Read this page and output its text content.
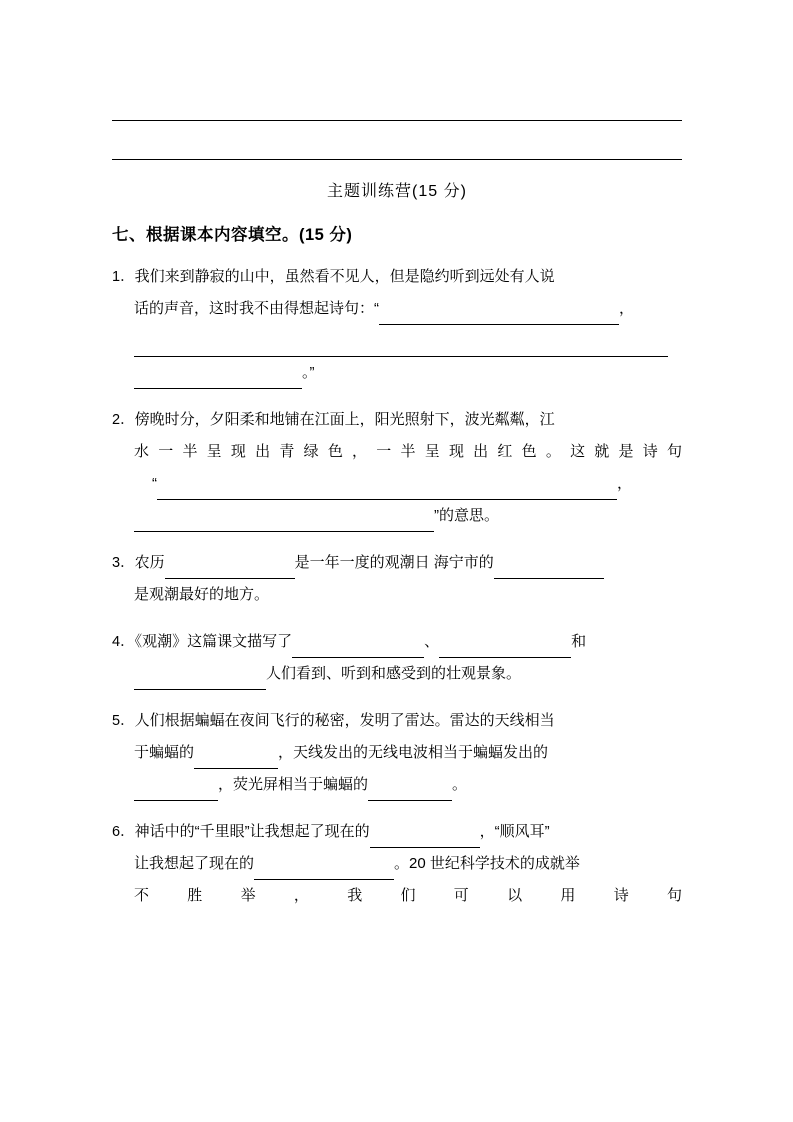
主题训练营(15 分)
七、根据课本内容填空。(15 分)
1．我们来到静寂的山中，虽然看不见人，但是隐约听到远处有人说
话的声音，这时我不由得想起诗句：“	，
。”
2．傍晚时分，夕阳柔和地铺在江面上，阳光照射下，波光粼粼，江
水一半呈现出青绿色，一半呈现出红色。这就是诗句
“	，
”的意思。
3．农历	是一年一度的观潮日 海宁市的
是观潮最好的地方。
4．《观潮》这篇课文描写了	、	和
人们看到、听到和感受到的壮观景象。
5．人们根据蝙蝠在夜间飞行的秘密，发明了雷达。雷达的天线相当
于蝙蝠的	，天线发出的无线电波相当于蝙蝠发出的
，荧光屏相当于蝙蝠的	。
6．神话中的“千里眼”让我想起了现在的	，“顺风耳”
让我想起了现在的	。20 世纪科学技术的成就举
不 胜 举 ， 我 们 可 以 用 诗 句
